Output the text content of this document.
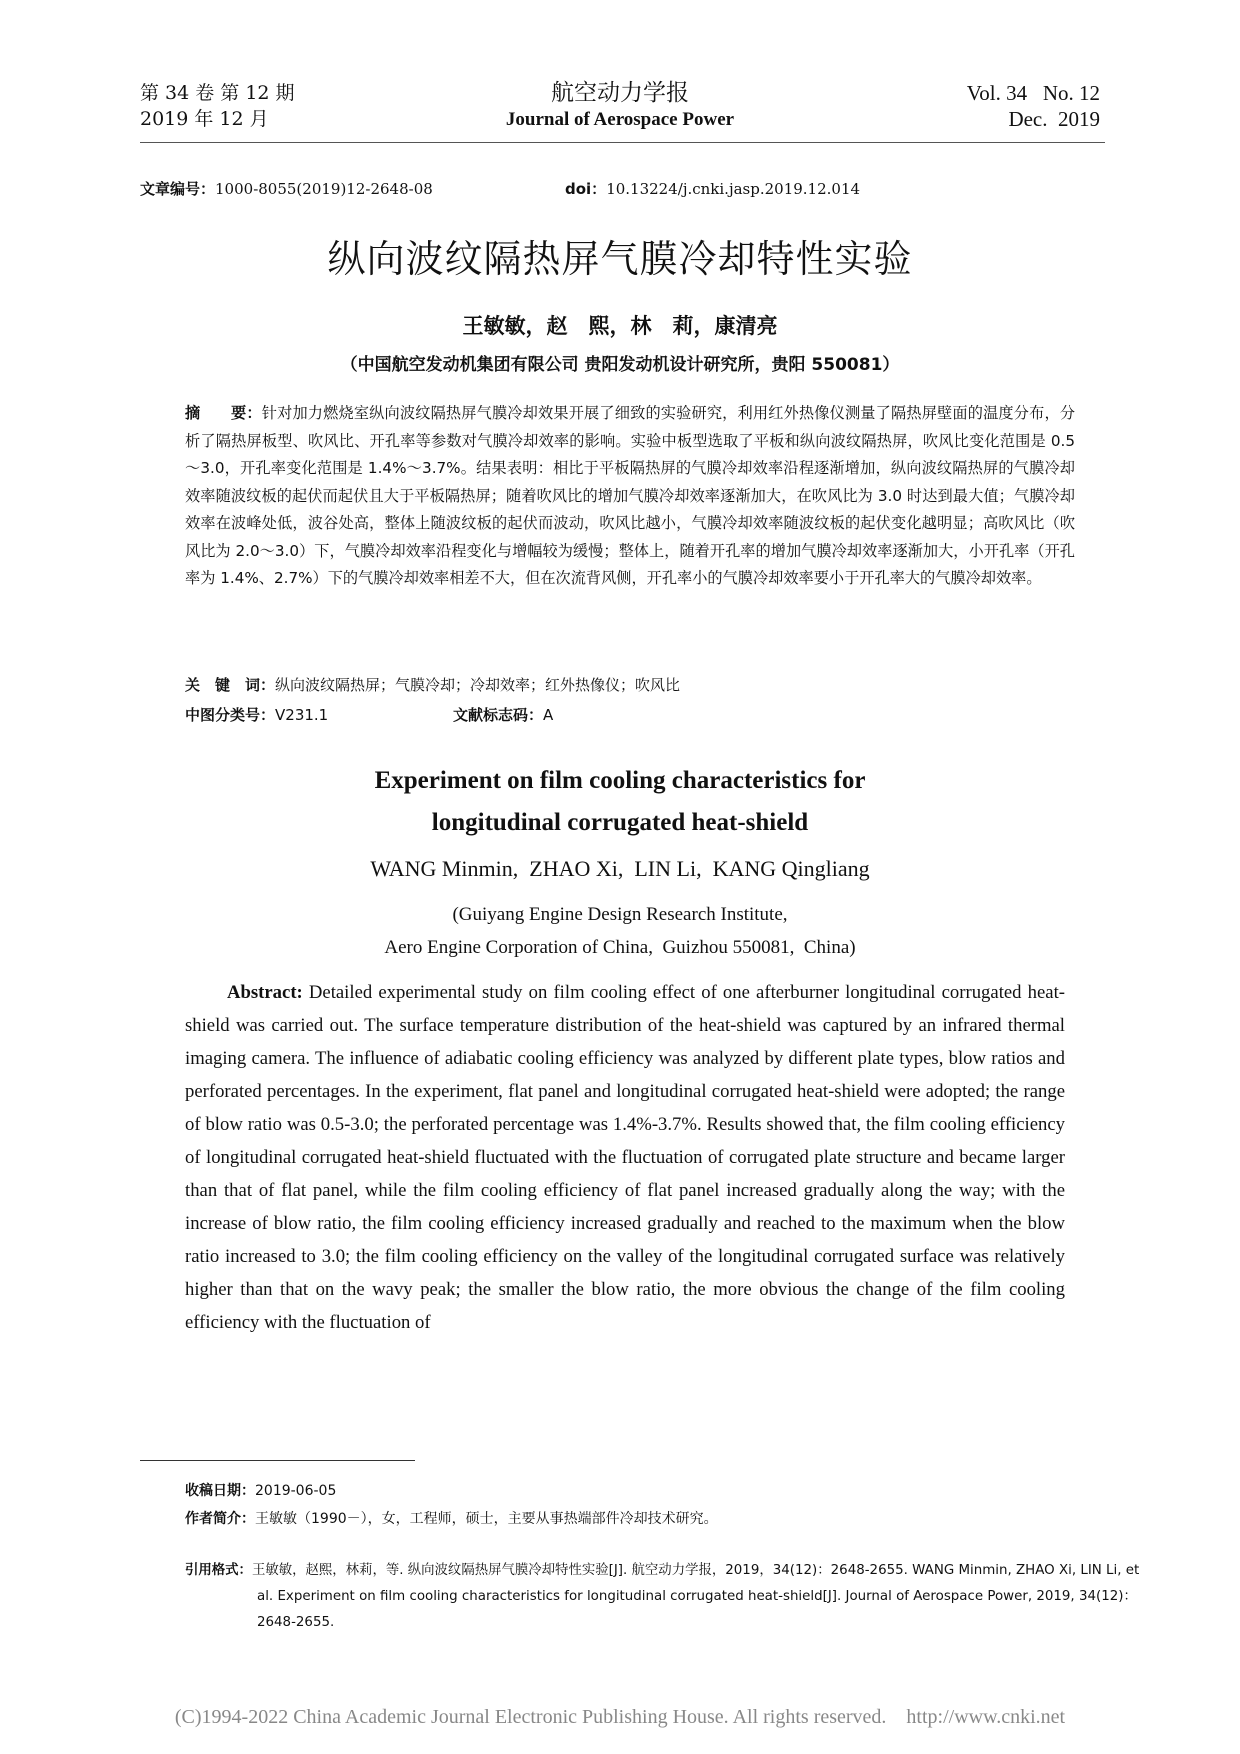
第 34 卷 第 12 期
2019 年 12 月
航空动力学报
Journal of Aerospace Power
Vol. 34   No. 12
Dec.  2019
文章编号：1000-8055(2019)12-2648-08	doi：10.13224/j.cnki.jasp.2019.12.014
纵向波纹隔热屏气膜冷却特性实验
王敏敏，赵　熙，林　莉，康清亮
（中国航空发动机集团有限公司 贵阳发动机设计研究所，贵阳 550081）
摘　　要：针对加力燃烧室纵向波纹隔热屏气膜冷却效果开展了细致的实验研究，利用红外热像仪测量了隔热屏壁面的温度分布，分析了隔热屏板型、吹风比、开孔率等参数对气膜冷却效率的影响。实验中板型选取了平板和纵向波纹隔热屏，吹风比变化范围是 0.5～3.0，开孔率变化范围是 1.4%～3.7%。结果表明：相比于平板隔热屏的气膜冷却效率沿程逐渐增加，纵向波纹隔热屏的气膜冷却效率随波纹板的起伏而起伏且大于平板隔热屏；随着吹风比的增加气膜冷却效率逐渐加大，在吹风比为 3.0 时达到最大值；气膜冷却效率在波峰处低，波谷处高，整体上随波纹板的起伏而波动，吹风比越小，气膜冷却效率随波纹板的起伏变化越明显；高吹风比（吹风比为 2.0～3.0）下，气膜冷却效率沿程变化与增幅较为缓慢；整体上，随着开孔率的增加气膜冷却效率逐渐加大，小开孔率（开孔率为 1.4%、2.7%）下的气膜冷却效率相差不大，但在次流背风侧，开孔率小的气膜冷却效率要小于开孔率大的气膜冷却效率。
关　键　词：纵向波纹隔热屏；气膜冷却；冷却效率；红外热像仪；吹风比
中图分类号：V231.1	文献标志码：A
Experiment on film cooling characteristics for
longitudinal corrugated heat-shield
WANG Minmin,  ZHAO Xi,  LIN Li,  KANG Qingliang
(Guiyang Engine Design Research Institute,
Aero Engine Corporation of China,  Guizhou 550081,  China)
Abstract: Detailed experimental study on film cooling effect of one afterburner longitudinal corrugated heat-shield was carried out. The surface temperature distribution of the heat-shield was captured by an infrared thermal imaging camera. The influence of adiabatic cooling efficiency was analyzed by different plate types, blow ratios and perforated percentages. In the experiment, flat panel and longitudinal corrugated heat-shield were adopted; the range of blow ratio was 0.5-3.0; the perforated percentage was 1.4%-3.7%. Results showed that, the film cooling efficiency of longitudinal corrugated heat-shield fluctuated with the fluctuation of corrugated plate structure and became larger than that of flat panel, while the film cooling efficiency of flat panel increased gradually along the way; with the increase of blow ratio, the film cooling efficiency increased gradually and reached to the maximum when the blow ratio increased to 3.0; the film cooling efficiency on the valley of the longitudinal corrugated surface was relatively higher than that on the wavy peak; the smaller the blow ratio, the more obvious the change of the film cooling efficiency with the fluctuation of
收稿日期：2019-06-05
作者简介：王敏敏（1990－），女，工程师，硕士，主要从事热端部件冷却技术研究。
引用格式：王敏敏，赵熙，林莉，等. 纵向波纹隔热屏气膜冷却特性实验[J]. 航空动力学报，2019，34(12)：2648-2655. WANG Minmin, ZHAO Xi, LIN Li, et al. Experiment on film cooling characteristics for longitudinal corrugated heat-shield[J]. Journal of Aerospace Power, 2019, 34(12)：2648-2655.
(C)1994-2022 China Academic Journal Electronic Publishing House. All rights reserved.    http://www.cnki.net
